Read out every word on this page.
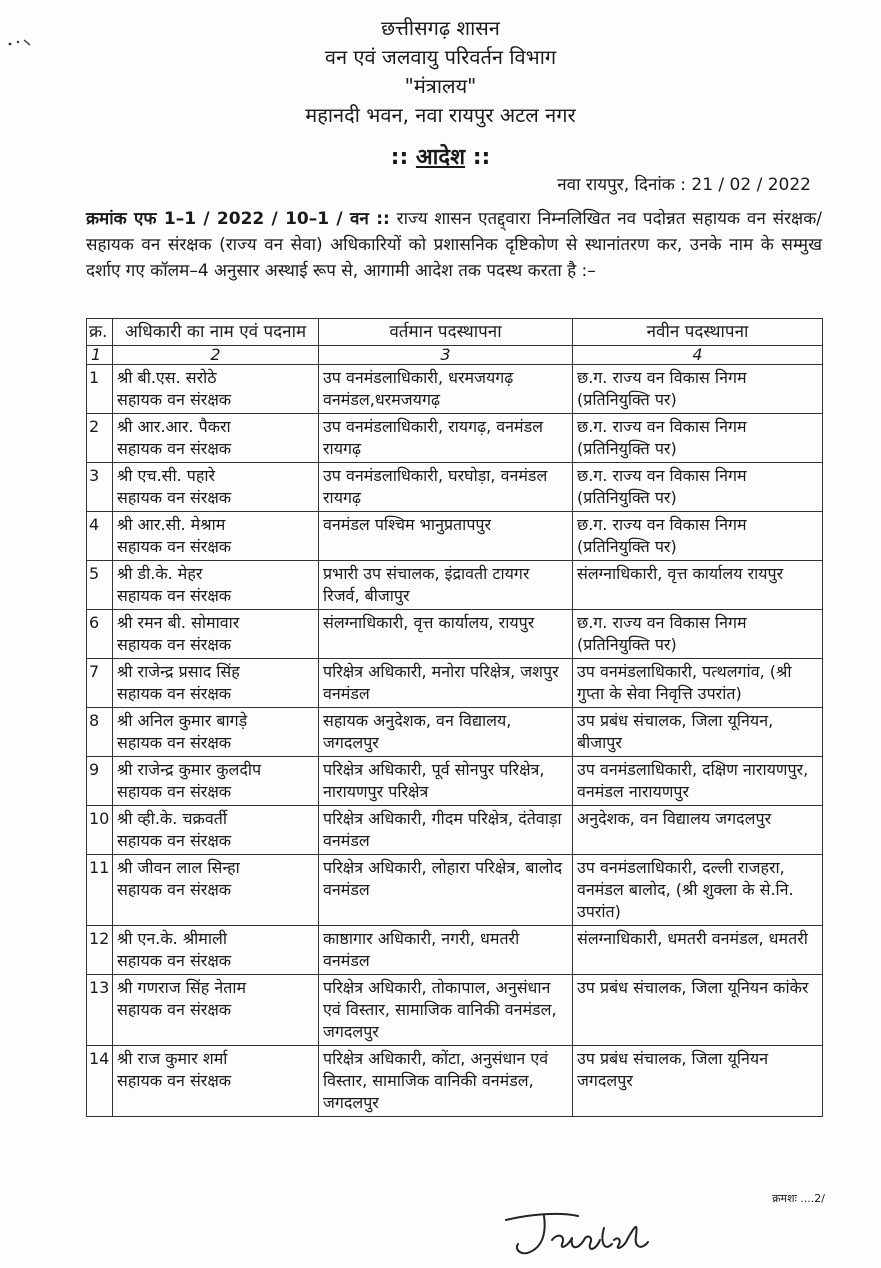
छत्तीसगढ़ शासन
वन एवं जलवायु परिवर्तन विभाग
"मंत्रालय"
महानदी भवन, नवा रायपुर अटल नगर
:: आदेश ::
नवा रायपुर, दिनांक : 21 / 02 / 2022
क्रमांक एफ 1–1 / 2022 / 10–1 / वन :: राज्य शासन एतद्द्वारा निम्नलिखित नव पदोन्नत सहायक वन संरक्षक/सहायक वन संरक्षक (राज्य वन सेवा) अधिकारियों को प्रशासनिक दृष्टिकोण से स्थानांतरण कर, उनके नाम के सम्मुख दर्शाए गए कॉलम–4 अनुसार अस्थाई रूप से, आगामी आदेश तक पदस्थ करता है :–
क्र.	अधिकारी का नाम एवं पदनाम	वर्तमान पदस्थापना	नवीन पदस्थापना
1	2	3	4

1	श्री बी.एस. सरोठे
सहायक वन संरक्षक	उप वनमंडलाधिकारी, धरमजयगढ़ वनमंडल,धरमजयगढ़	छ.ग. राज्य वन विकास निगम (प्रतिनियुक्ति पर)

2	श्री आर.आर. पैकरा
सहायक वन संरक्षक	उप वनमंडलाधिकारी, रायगढ़, वनमंडल रायगढ़	छ.ग. राज्य वन विकास निगम (प्रतिनियुक्ति पर)

3	श्री एच.सी. पहारे
सहायक वन संरक्षक	उप वनमंडलाधिकारी, घरघोड़ा, वनमंडल रायगढ़	छ.ग. राज्य वन विकास निगम (प्रतिनियुक्ति पर)

4	श्री आर.सी. मेश्राम
सहायक वन संरक्षक	वनमंडल पश्चिम भानुप्रतापपुर	छ.ग. राज्य वन विकास निगम (प्रतिनियुक्ति पर)

5	श्री डी.के. मेहर
सहायक वन संरक्षक	प्रभारी उप संचालक, इंद्रावती टायगर रिजर्व, बीजापुर	संलग्नाधिकारी, वृत्त कार्यालय रायपुर

6	श्री रमन बी. सोमावार
सहायक वन संरक्षक	संलग्नाधिकारी, वृत्त कार्यालय, रायपुर	छ.ग. राज्य वन विकास निगम (प्रतिनियुक्ति पर)

7	श्री राजेन्द्र प्रसाद सिंह
सहायक वन संरक्षक	परिक्षेत्र अधिकारी, मनोरा परिक्षेत्र, जशपुर वनमंडल	उप वनमंडलाधिकारी, पत्थलगांव, (श्री गुप्ता के सेवा निवृत्ति उपरांत)

8	श्री अनिल कुमार बागड़े
सहायक वन संरक्षक	सहायक अनुदेशक, वन विद्यालय, जगदलपुर	उप प्रबंध संचालक, जिला यूनियन, बीजापुर

9	श्री राजेन्द्र कुमार कुलदीप
सहायक वन संरक्षक	परिक्षेत्र अधिकारी, पूर्व सोनपुर परिक्षेत्र, नारायणपुर परिक्षेत्र	उप वनमंडलाधिकारी, दक्षिण नारायणपुर, वनमंडल नारायणपुर

10	श्री व्ही.के. चक्रवर्ती
सहायक वन संरक्षक	परिक्षेत्र अधिकारी, गीदम परिक्षेत्र, दंतेवाड़ा वनमंडल	अनुदेशक, वन विद्यालय जगदलपुर

11	श्री जीवन लाल सिन्हा
सहायक वन संरक्षक	परिक्षेत्र अधिकारी, लोहारा परिक्षेत्र, बालोद वनमंडल	उप वनमंडलाधिकारी, दल्ली राजहरा, वनमंडल बालोद, (श्री शुक्ला के से.नि. उपरांत)

12	श्री एन.के. श्रीमाली
सहायक वन संरक्षक	काष्ठागार अधिकारी, नगरी, धमतरी वनमंडल	संलग्नाधिकारी, धमतरी वनमंडल, धमतरी

13	श्री गणराज सिंह नेताम
सहायक वन संरक्षक	परिक्षेत्र अधिकारी, तोकापाल, अनुसंधान एवं विस्तार, सामाजिक वानिकी वनमंडल, जगदलपुर	उप प्रबंध संचालक, जिला यूनियन कांकेर

14	श्री राज कुमार शर्मा
सहायक वन संरक्षक	परिक्षेत्र अधिकारी, कोंटा, अनुसंधान एवं विस्तार, सामाजिक वानिकी वनमंडल, जगदलपुर	उप प्रबंध संचालक, जिला यूनियन जगदलपुर
क्रमशः ....2/
